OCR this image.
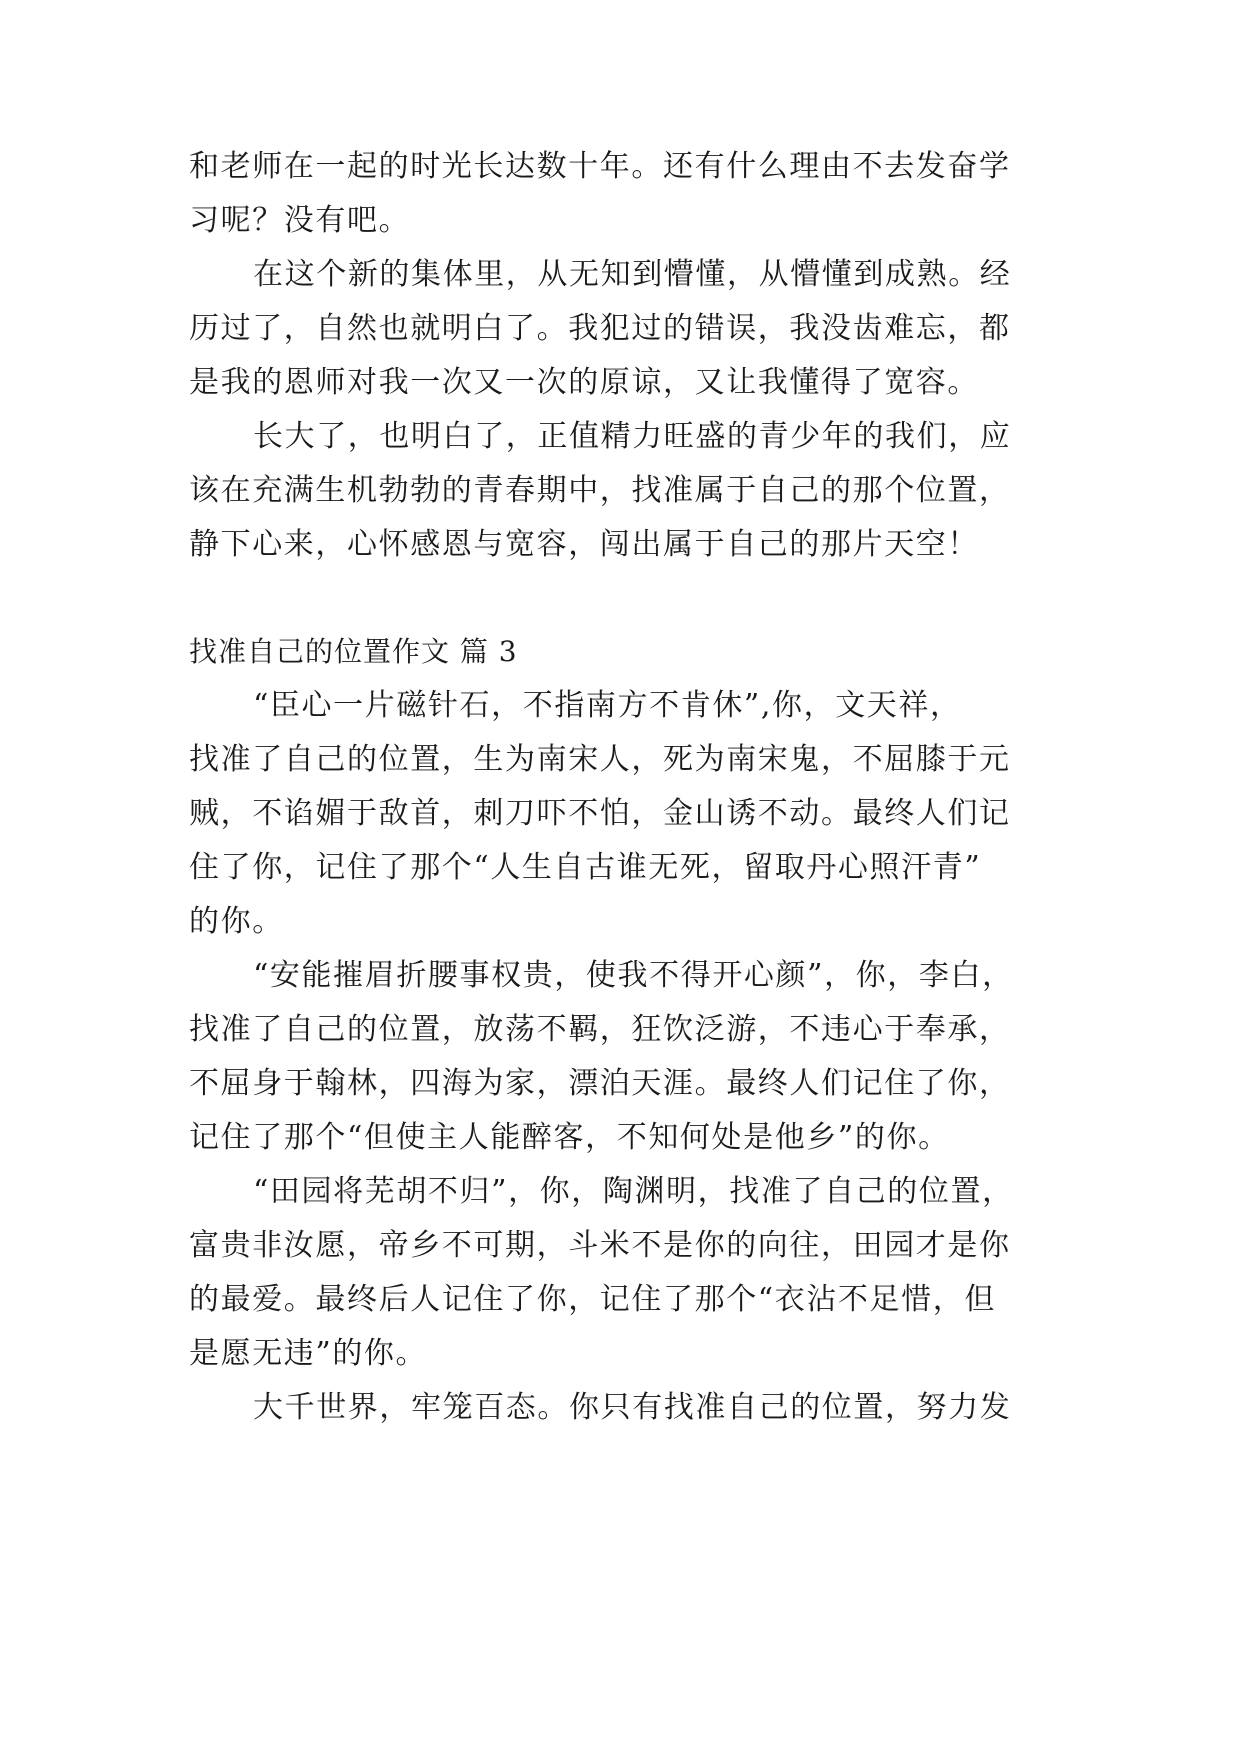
和老师在一起的时光长达数十年。还有什么理由不去发奋学
习呢？没有吧。
在这个新的集体里，从无知到懵懂，从懵懂到成熟。经
历过了，自然也就明白了。我犯过的错误，我没齿难忘，都
是我的恩师对我一次又一次的原谅，又让我懂得了宽容。
长大了，也明白了，正值精力旺盛的青少年的我们，应
该在充满生机勃勃的青春期中，找准属于自己的那个位置，
静下心来，心怀感恩与宽容，闯出属于自己的那片天空！
找准自己的位置作文 篇 3
“臣心一片磁针石，不指南方不肯休”,你，文天祥，
找准了自己的位置，生为南宋人，死为南宋鬼，不屈膝于元
贼，不谄媚于敌首，刺刀吓不怕，金山诱不动。最终人们记
住了你，记住了那个“人生自古谁无死，留取丹心照汗青”
的你。
“安能摧眉折腰事权贵，使我不得开心颜”，你，李白，
找准了自己的位置，放荡不羁，狂饮泛游，不违心于奉承，
不屈身于翰林，四海为家，漂泊天涯。最终人们记住了你，
记住了那个“但使主人能醉客，不知何处是他乡”的你。
“田园将芜胡不归”，你，陶渊明，找准了自己的位置，
富贵非汝愿，帝乡不可期，斗米不是你的向往，田园才是你
的最爱。最终后人记住了你，记住了那个“衣沾不足惜，但
是愿无违”的你。
大千世界，牢笼百态。你只有找准自己的位置，努力发
